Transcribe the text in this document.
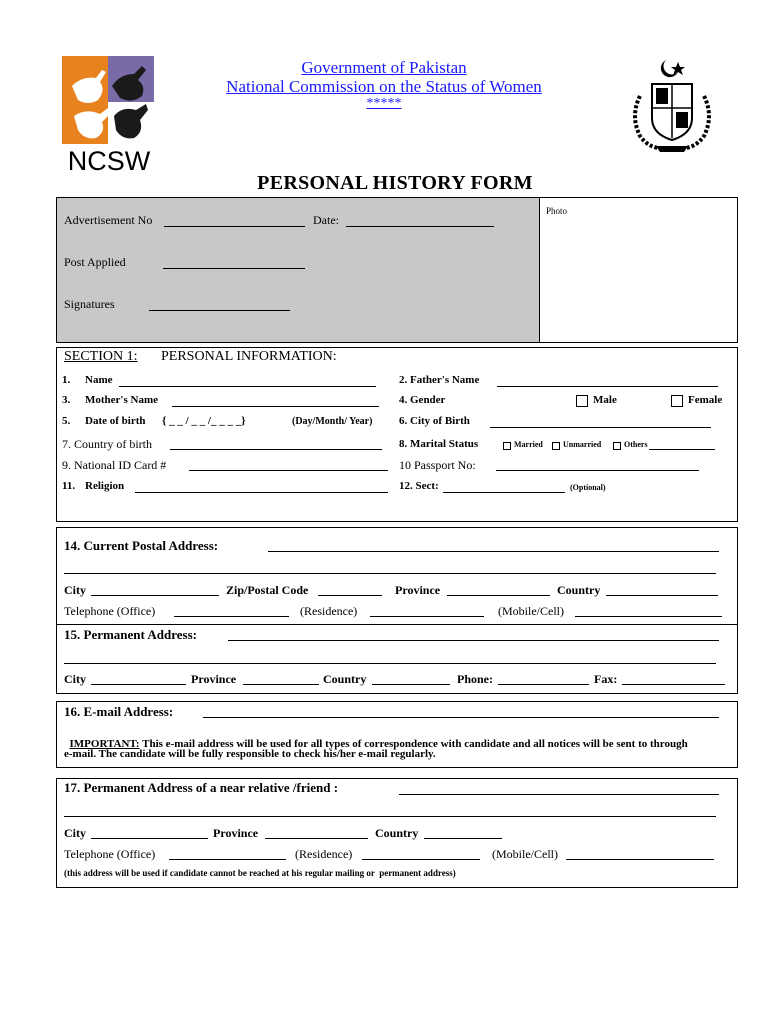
NCSW
Government of Pakistan
National Commission on the Status of Women
*****
PERSONAL HISTORY FORM
Advertisement No	Date:
Post Applied
Signatures
Photo
SECTION 1: PERSONAL INFORMATION:
1. Name	2. Father's Name
3. Mother's Name	4. Gender	Male	Female
5. Date of birth { _ _ / _ _ /_ _ _ _}	(Day/Month/ Year) 6. City of Birth
7. Country of birth	8. Marital Status	Married	Unmarried	Others
9. National ID Card #	10 Passport No:
11. Religion	12. Sect:	(Optional)
14. Current Postal Address:
City	Zip/Postal Code	Province	Country
Telephone (Office)	(Residence)	(Mobile/Cell)
15. Permanent Address:
City	Province	Country	Phone:	Fax:
16. E-mail Address:

IMPORTANT: This e-mail address will be used for all types of correspondence with candidate and all notices will be sent to through

e-mail. The candidate will be fully responsible to check his/her e-mail regularly.
17. Permanent Address of a near relative /friend :
City	Province	Country
Telephone (Office)	(Residence)	(Mobile/Cell)
(this address will be used if candidate cannot be reached at his regular mailing or  permanent address)
